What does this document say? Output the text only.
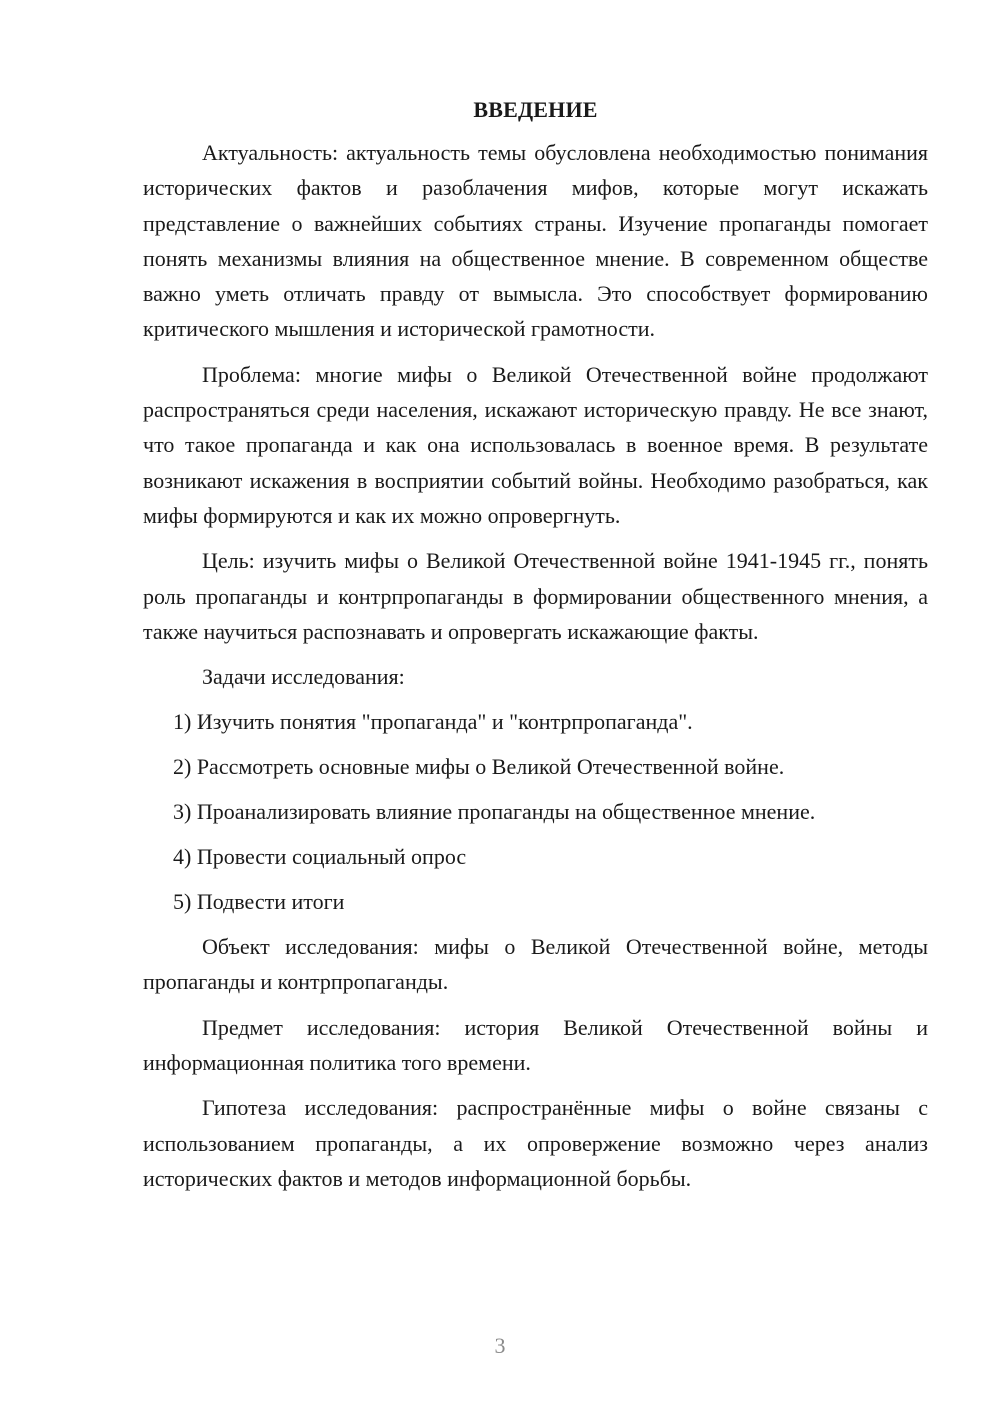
ВВЕДЕНИЕ

Актуальность: актуальность темы обусловлена необходимостью понимания исторических фактов и разоблачения мифов, которые могут искажать представление о важнейших событиях страны. Изучение пропаганды помогает понять механизмы влияния на общественное мнение. В современном обществе важно уметь отличать правду от вымысла. Это способствует формированию критического мышления и исторической грамотности.

Проблема: многие мифы о Великой Отечественной войне продолжают распространяться среди населения, искажают историческую правду. Не все знают, что такое пропаганда и как она использовалась в военное время. В результате возникают искажения в восприятии событий войны. Необходимо разобраться, как мифы формируются и как их можно опровергнуть.

Цель: изучить мифы о Великой Отечественной войне 1941-1945 гг., понять роль пропаганды и контрпропаганды в формировании общественного мнения, а также научиться распознавать и опровергать искажающие факты.

Задачи исследования:

1) Изучить понятия "пропаганда" и "контрпропаганда".
2) Рассмотреть основные мифы о Великой Отечественной войне.
3) Проанализировать влияние пропаганды на общественное мнение.
4) Провести социальный опрос
5) Подвести итоги

Объект исследования: мифы о Великой Отечественной войне, методы пропаганды и контрпропаганды.

Предмет исследования: история Великой Отечественной войны и информационная политика того времени.

Гипотеза исследования: распространённые мифы о войне связаны с использованием пропаганды, а их опровержение возможно через анализ исторических фактов и методов информационной борьбы.

3
